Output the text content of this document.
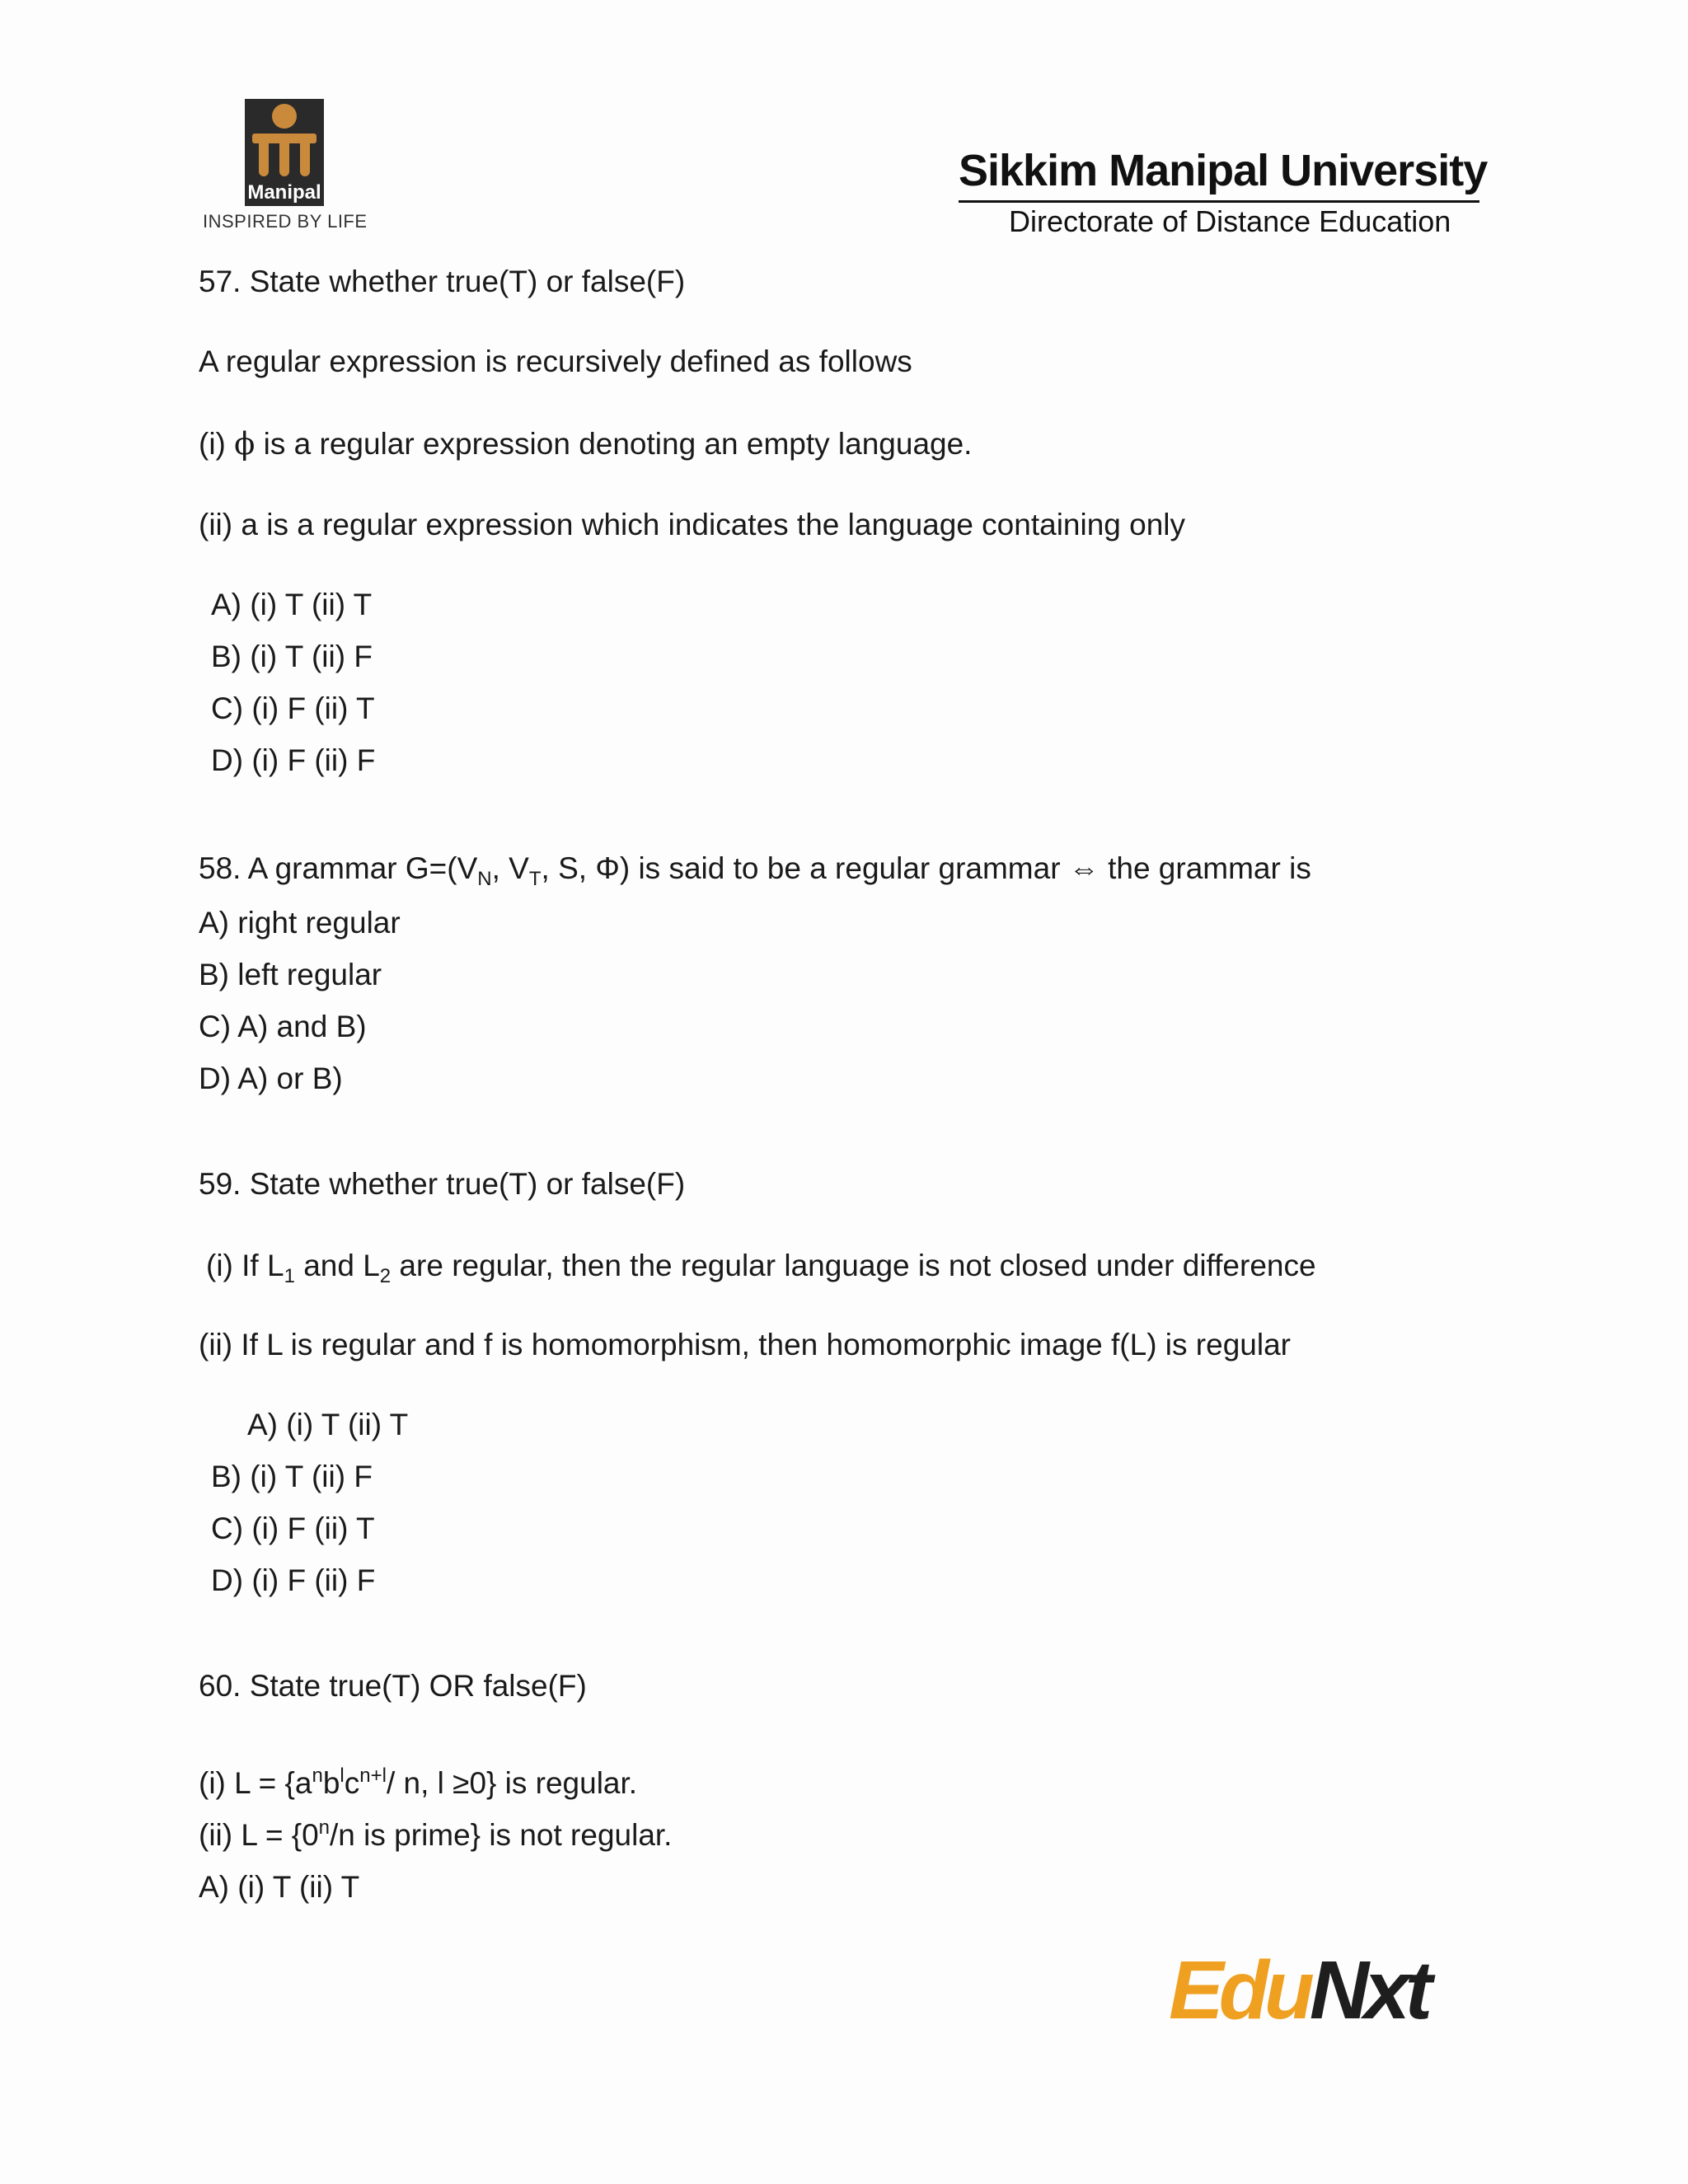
Manipal
INSPIRED BY LIFE
Sikkim Manipal University
Directorate of Distance Education
57. State whether true(T) or false(F)
A regular expression is recursively defined as follows
(i) ϕ is a regular expression denoting an empty language.
(ii) a is a regular expression which indicates the language containing only
A) (i) T (ii) T
B) (i) T (ii) F
C) (i) F (ii) T
D) (i) F (ii) F
58. A grammar $G=(V_N$, $V_T$, S, Φ) is said to be a regular grammar ⇔ the grammar is
A) right regular
B) left regular
C) A) and B)
D) A) or B)
59. State whether true(T) or false(F)
(i) If $L_1$ and $L_2$ are regular, then the regular language is not closed under difference
(ii) If L is regular and f is homomorphism, then homomorphic image f(L) is regular
A) (i) T (ii) T
B) (i) T (ii) F
C) (i) F (ii) T
D) (i) F (ii) F
60. State true(T) OR false(F)
(i) $L = \{a^nb^lc^{n+l}/$ n, l ≥0} is regular.
(ii) $L = \{0^n/n$ is prime} is not regular.
A) (i) T (ii) T
EduNxt
